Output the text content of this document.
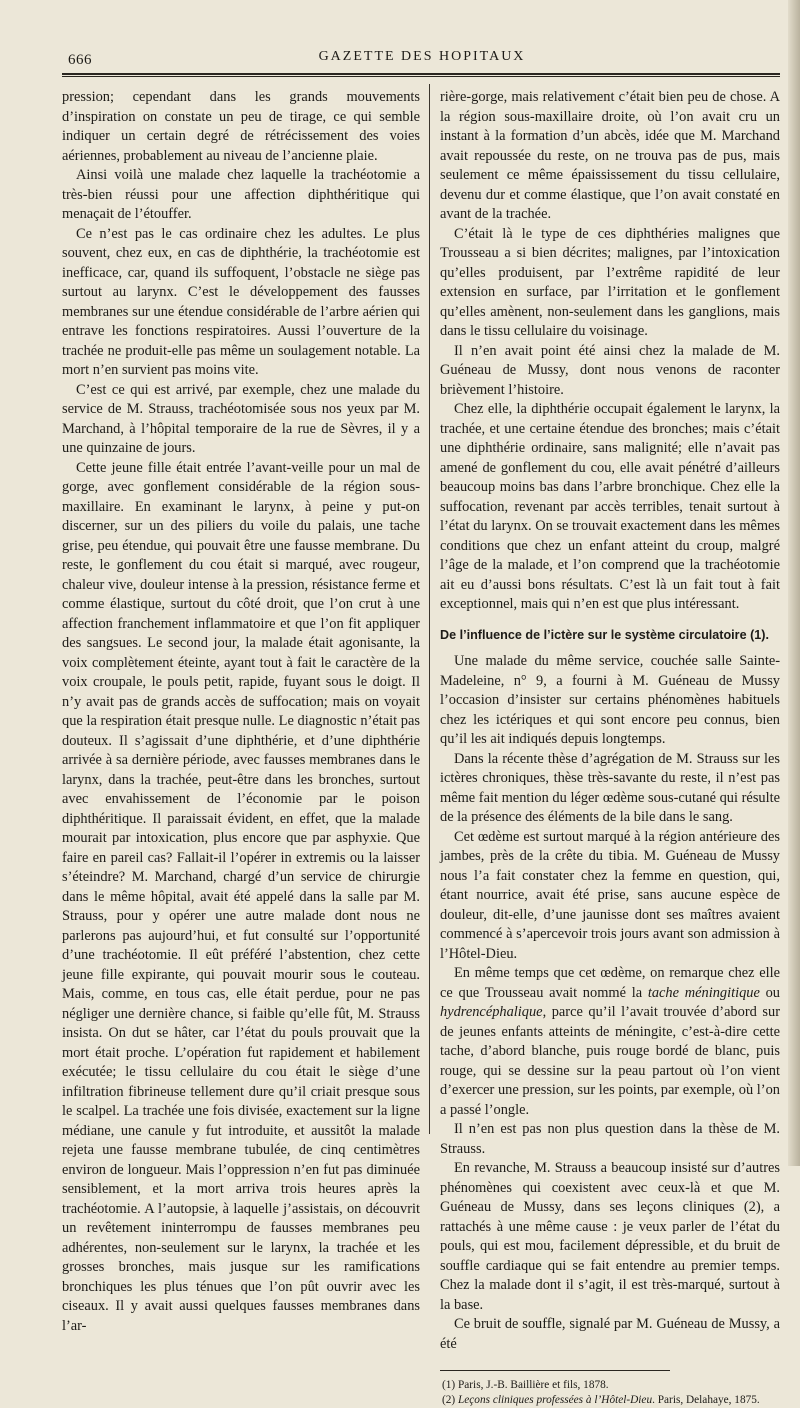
666	GAZETTE DES HOPITAUX

pression; cependant dans les grands mouvements d’inspiration on constate un peu de tirage, ce qui semble indiquer un certain degré de rétrécissement des voies aériennes, probablement au niveau de l’ancienne plaie.

Ainsi voilà une malade chez laquelle la trachéotomie a très-bien réussi pour une affection diphthéritique qui menaçait de l’étouffer.

Ce n’est pas le cas ordinaire chez les adultes. Le plus souvent, chez eux, en cas de diphthérie, la trachéotomie est inefficace, car, quand ils suffoquent, l’obstacle ne siège pas surtout au larynx. C’est le développement des fausses membranes sur une étendue considérable de l’arbre aérien qui entrave les fonctions respiratoires. Aussi l’ouverture de la trachée ne produit-elle pas même un soulagement notable. La mort n’en survient pas moins vite.

C’est ce qui est arrivé, par exemple, chez une malade du service de M. Strauss, trachéotomisée sous nos yeux par M. Marchand, à l’hôpital temporaire de la rue de Sèvres, il y a une quinzaine de jours.

Cette jeune fille était entrée l’avant-veille pour un mal de gorge, avec gonflement considérable de la région sous-maxillaire. En examinant le larynx, à peine y put-on discerner, sur un des piliers du voile du palais, une tache grise, peu étendue, qui pouvait être une fausse membrane. Du reste, le gonflement du cou était si marqué, avec rougeur, chaleur vive, douleur intense à la pression, résistance ferme et comme élastique, surtout du côté droit, que l’on crut à une affection franchement inflammatoire et que l’on fit appliquer des sangsues. Le second jour, la malade était agonisante, la voix complètement éteinte, ayant tout à fait le caractère de la voix croupale, le pouls petit, rapide, fuyant sous le doigt. Il n’y avait pas de grands accès de suffocation; mais on voyait que la respiration était presque nulle. Le diagnostic n’était pas douteux. Il s’agissait d’une diphthérie, et d’une diphthérie arrivée à sa dernière période, avec fausses membranes dans le larynx, dans la trachée, peut-être dans les bronches, surtout avec envahissement de l’économie par le poison diphthéritique. Il paraissait évident, en effet, que la malade mourait par intoxication, plus encore que par asphyxie. Que faire en pareil cas? Fallait-il l’opérer in extremis ou la laisser s’éteindre? M. Marchand, chargé d’un service de chirurgie dans le même hôpital, avait été appelé dans la salle par M. Strauss, pour y opérer une autre malade dont nous ne parlerons pas aujourd’hui, et fut consulté sur l’opportunité d’une trachéotomie. Il eût préféré l’abstention, chez cette jeune fille expirante, qui pouvait mourir sous le couteau. Mais, comme, en tous cas, elle était perdue, pour ne pas négliger une dernière chance, si faible qu’elle fût, M. Strauss insista. On dut se hâter, car l’état du pouls prouvait que la mort était proche. L’opération fut rapidement et habilement exécutée; le tissu cellulaire du cou était le siège d’une infiltration fibrineuse tellement dure qu’il criait presque sous le scalpel. La trachée une fois divisée, exactement sur la ligne médiane, une canule y fut introduite, et aussitôt la malade rejeta une fausse membrane tubulée, de cinq centimètres environ de longueur. Mais l’oppression n’en fut pas diminuée sensiblement, et la mort arriva trois heures après la trachéotomie. A l’autopsie, à laquelle j’assistais, on découvrit un revêtement ininterrompu de fausses membranes peu adhérentes, non-seulement sur le larynx, la trachée et les grosses bronches, mais jusque sur les ramifications bronchiques les plus ténues que l’on pût ouvrir avec les ciseaux. Il y avait aussi quelques fausses membranes dans l’ar-

rière-gorge, mais relativement c’était bien peu de chose. A la région sous-maxillaire droite, où l’on avait cru un instant à la formation d’un abcès, idée que M. Marchand avait repoussée du reste, on ne trouva pas de pus, mais seulement ce même épaississement du tissu cellulaire, devenu dur et comme élastique, que l’on avait constaté en avant de la trachée.

C’était là le type de ces diphthéries malignes que Trousseau a si bien décrites; malignes, par l’intoxication qu’elles produisent, par l’extrême rapidité de leur extension en surface, par l’irritation et le gonflement qu’elles amènent, non-seulement dans les ganglions, mais dans le tissu cellulaire du voisinage.

Il n’en avait point été ainsi chez la malade de M. Guéneau de Mussy, dont nous venons de raconter brièvement l’histoire.

Chez elle, la diphthérie occupait également le larynx, la trachée, et une certaine étendue des bronches; mais c’était une diphthérie ordinaire, sans malignité; elle n’avait pas amené de gonflement du cou, elle avait pénétré d’ailleurs beaucoup moins bas dans l’arbre bronchique. Chez elle la suffocation, revenant par accès terribles, tenait surtout à l’état du larynx. On se trouvait exactement dans les mêmes conditions que chez un enfant atteint du croup, malgré l’âge de la malade, et l’on comprend que la trachéotomie ait eu d’aussi bons résultats. C’est là un fait tout à fait exceptionnel, mais qui n’en est que plus intéressant.

De l’influence de l’ictère sur le système circulatoire (1).

Une malade du même service, couchée salle Sainte-Madeleine, n° 9, a fourni à M. Guéneau de Mussy l’occasion d’insister sur certains phénomènes habituels chez les ictériques et qui sont encore peu connus, bien qu’il les ait indiqués depuis longtemps.

Dans la récente thèse d’agrégation de M. Strauss sur les ictères chroniques, thèse très-savante du reste, il n’est pas même fait mention du léger œdème sous-cutané qui résulte de la présence des éléments de la bile dans le sang.

Cet œdème est surtout marqué à la région antérieure des jambes, près de la crête du tibia. M. Guéneau de Mussy nous l’a fait constater chez la femme en question, qui, étant nourrice, avait été prise, sans aucune espèce de douleur, dit-elle, d’une jaunisse dont ses maîtres avaient commencé à s’apercevoir trois jours avant son admission à l’Hôtel-Dieu.

En même temps que cet œdème, on remarque chez elle ce que Trousseau avait nommé la tache méningitique ou hydrencéphalique, parce qu’il l’avait trouvée d’abord sur de jeunes enfants atteints de méningite, c’est-à-dire cette tache, d’abord blanche, puis rouge bordé de blanc, puis rouge, qui se dessine sur la peau partout où l’on vient d’exercer une pression, sur les points, par exemple, où l’on a passé l’ongle.

Il n’en est pas non plus question dans la thèse de M. Strauss.

En revanche, M. Strauss a beaucoup insisté sur d’autres phénomènes qui coexistent avec ceux-là et que M. Guéneau de Mussy, dans ses leçons cliniques (2), a rattachés à une même cause : je veux parler de l’état du pouls, qui est mou, facilement dépressible, et du bruit de souffle cardiaque qui se fait entendre au premier temps. Chez la malade dont il s’agit, il est très-marqué, surtout à la base.

Ce bruit de souffle, signalé par M. Guéneau de Mussy, a été

(1) Paris, J.-B. Baillière et fils, 1878.

(2) Leçons cliniques professées à l’Hôtel-Dieu. Paris, Delahaye, 1875.
